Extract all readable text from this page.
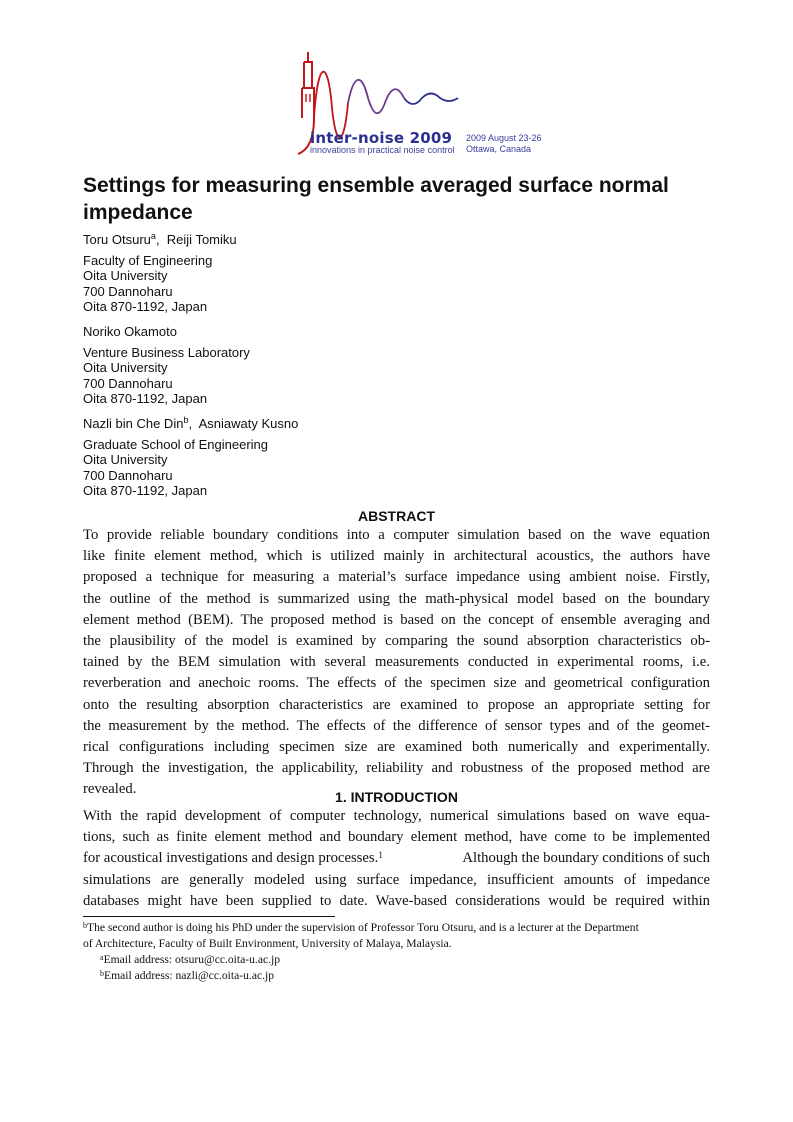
inter-noise 2009
innovations in practical noise control
2009 August 23-26
Ottawa, Canada
Settings for measuring ensemble averaged surface normal impedance
Toru Otsuru$^a$,  Reiji Tomiku
Faculty of Engineering
Oita University
700 Dannoharu
Oita 870-1192, Japan
Noriko Okamoto
Venture Business Laboratory
Oita University
700 Dannoharu
Oita 870-1192, Japan
Nazli bin Che Din$^b$,  Asniawaty Kusno
Graduate School of Engineering
Oita University
700 Dannoharu
Oita 870-1192, Japan
ABSTRACT
To provide reliable boundary conditions into a computer simulation based on the wave equation
like finite element method, which is utilized mainly in architectural acoustics, the authors have
proposed a technique for measuring a material’s surface impedance using ambient noise. Firstly,
the outline of the method is summarized using the math-physical model based on the boundary
element method (BEM). The proposed method is based on the concept of ensemble averaging and
the plausibility of the model is examined by comparing the sound absorption characteristics ob-
tained by the BEM simulation with several measurements conducted in experimental rooms, i.e.
reverberation and anechoic rooms. The effects of the specimen size and geometrical configuration
onto the resulting absorption characteristics are examined to propose an appropriate setting for
the measurement by the method. The effects of the difference of sensor types and of the geomet-
rical configurations including specimen size are examined both numerically and experimentally.
Through the investigation, the applicability, reliability and robustness of the proposed method are
revealed.	1. INTRODUCTION
With the rapid development of computer technology, numerical simulations based on wave equa-
tions, such as finite element method and boundary element method, have come to be implemented
for acoustical investigations and design processes.$^1$	Although the boundary conditions of such
simulations are generally modeled using surface impedance, insufficient amounts of impedance
databases might have been supplied to date. Wave-based considerations would be required within
$^b$The second author is doing his PhD under the supervision of Professor Toru Otsuru, and is a lecturer at the Department
of Architecture, Faculty of Built Environment, University of Malaya, Malaysia.
$^a$Email address: otsuru@cc.oita-u.ac.jp
$^b$Email address: nazli@cc.oita-u.ac.jp
